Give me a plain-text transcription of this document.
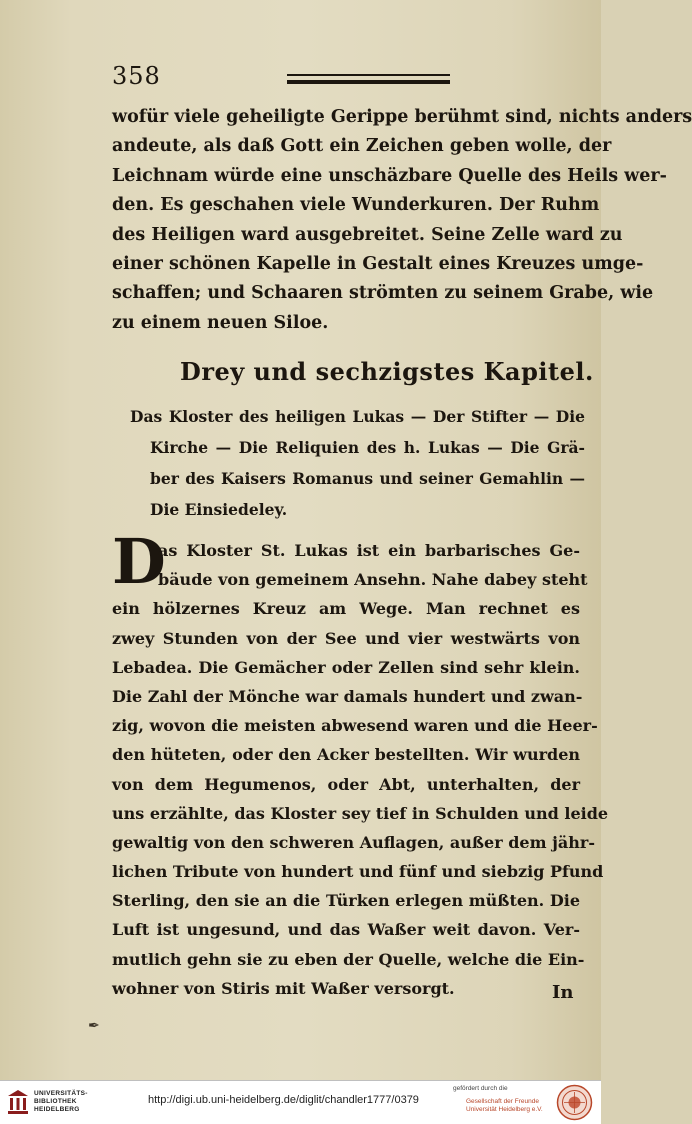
358
wofür viele geheiligte Gerippe berühmt sind, nichts anders
andeute, als daß Gott ein Zeichen geben wolle, der
Leichnam würde eine unschäzbare Quelle des Heils wer-
den. Es geschahen viele Wunderkuren. Der Ruhm
des Heiligen ward ausgebreitet. Seine Zelle ward zu
einer schönen Kapelle in Gestalt eines Kreuzes umge-
schaffen; und Schaaren strömten zu seinem Grabe, wie
zu einem neuen Siloe.
Drey und sechzigstes Kapitel.
Das Kloster des heiligen Lukas — Der Stifter — Die
Kirche — Die Reliquien des h. Lukas — Die Grä-
ber des Kaisers Romanus und seiner Gemahlin —
Die Einsiedeley.
D
as Kloster St. Lukas ist ein barbarisches Ge-
bäude von gemeinem Ansehn. Nahe dabey steht
ein hölzernes Kreuz am Wege. Man rechnet es
zwey Stunden von der See und vier westwärts von
Lebadea. Die Gemächer oder Zellen sind sehr klein.
Die Zahl der Mönche war damals hundert und zwan-
zig, wovon die meisten abwesend waren und die Heer-
den hüteten, oder den Acker bestellten. Wir wurden
von dem Hegumenos, oder Abt, unterhalten, der
uns erzählte, das Kloster sey tief in Schulden und leide
gewaltig von den schweren Auflagen, außer dem jähr-
lichen Tribute von hundert und fünf und siebzig Pfund
Sterling, den sie an die Türken erlegen müßten. Die
Luft ist ungesund, und das Waßer weit davon. Ver-
mutlich gehn sie zu eben der Quelle, welche die Ein-
wohner von Stiris mit Waßer versorgt.	In
✒
UNIVERSITÄTS-
BIBLIOTHEK
HEIDELBERG
http://digi.ub.uni-heidelberg.de/diglit/chandler1777/0379
gefördert durch die
Gesellschaft der Freunde
Universität Heidelberg e.V.
